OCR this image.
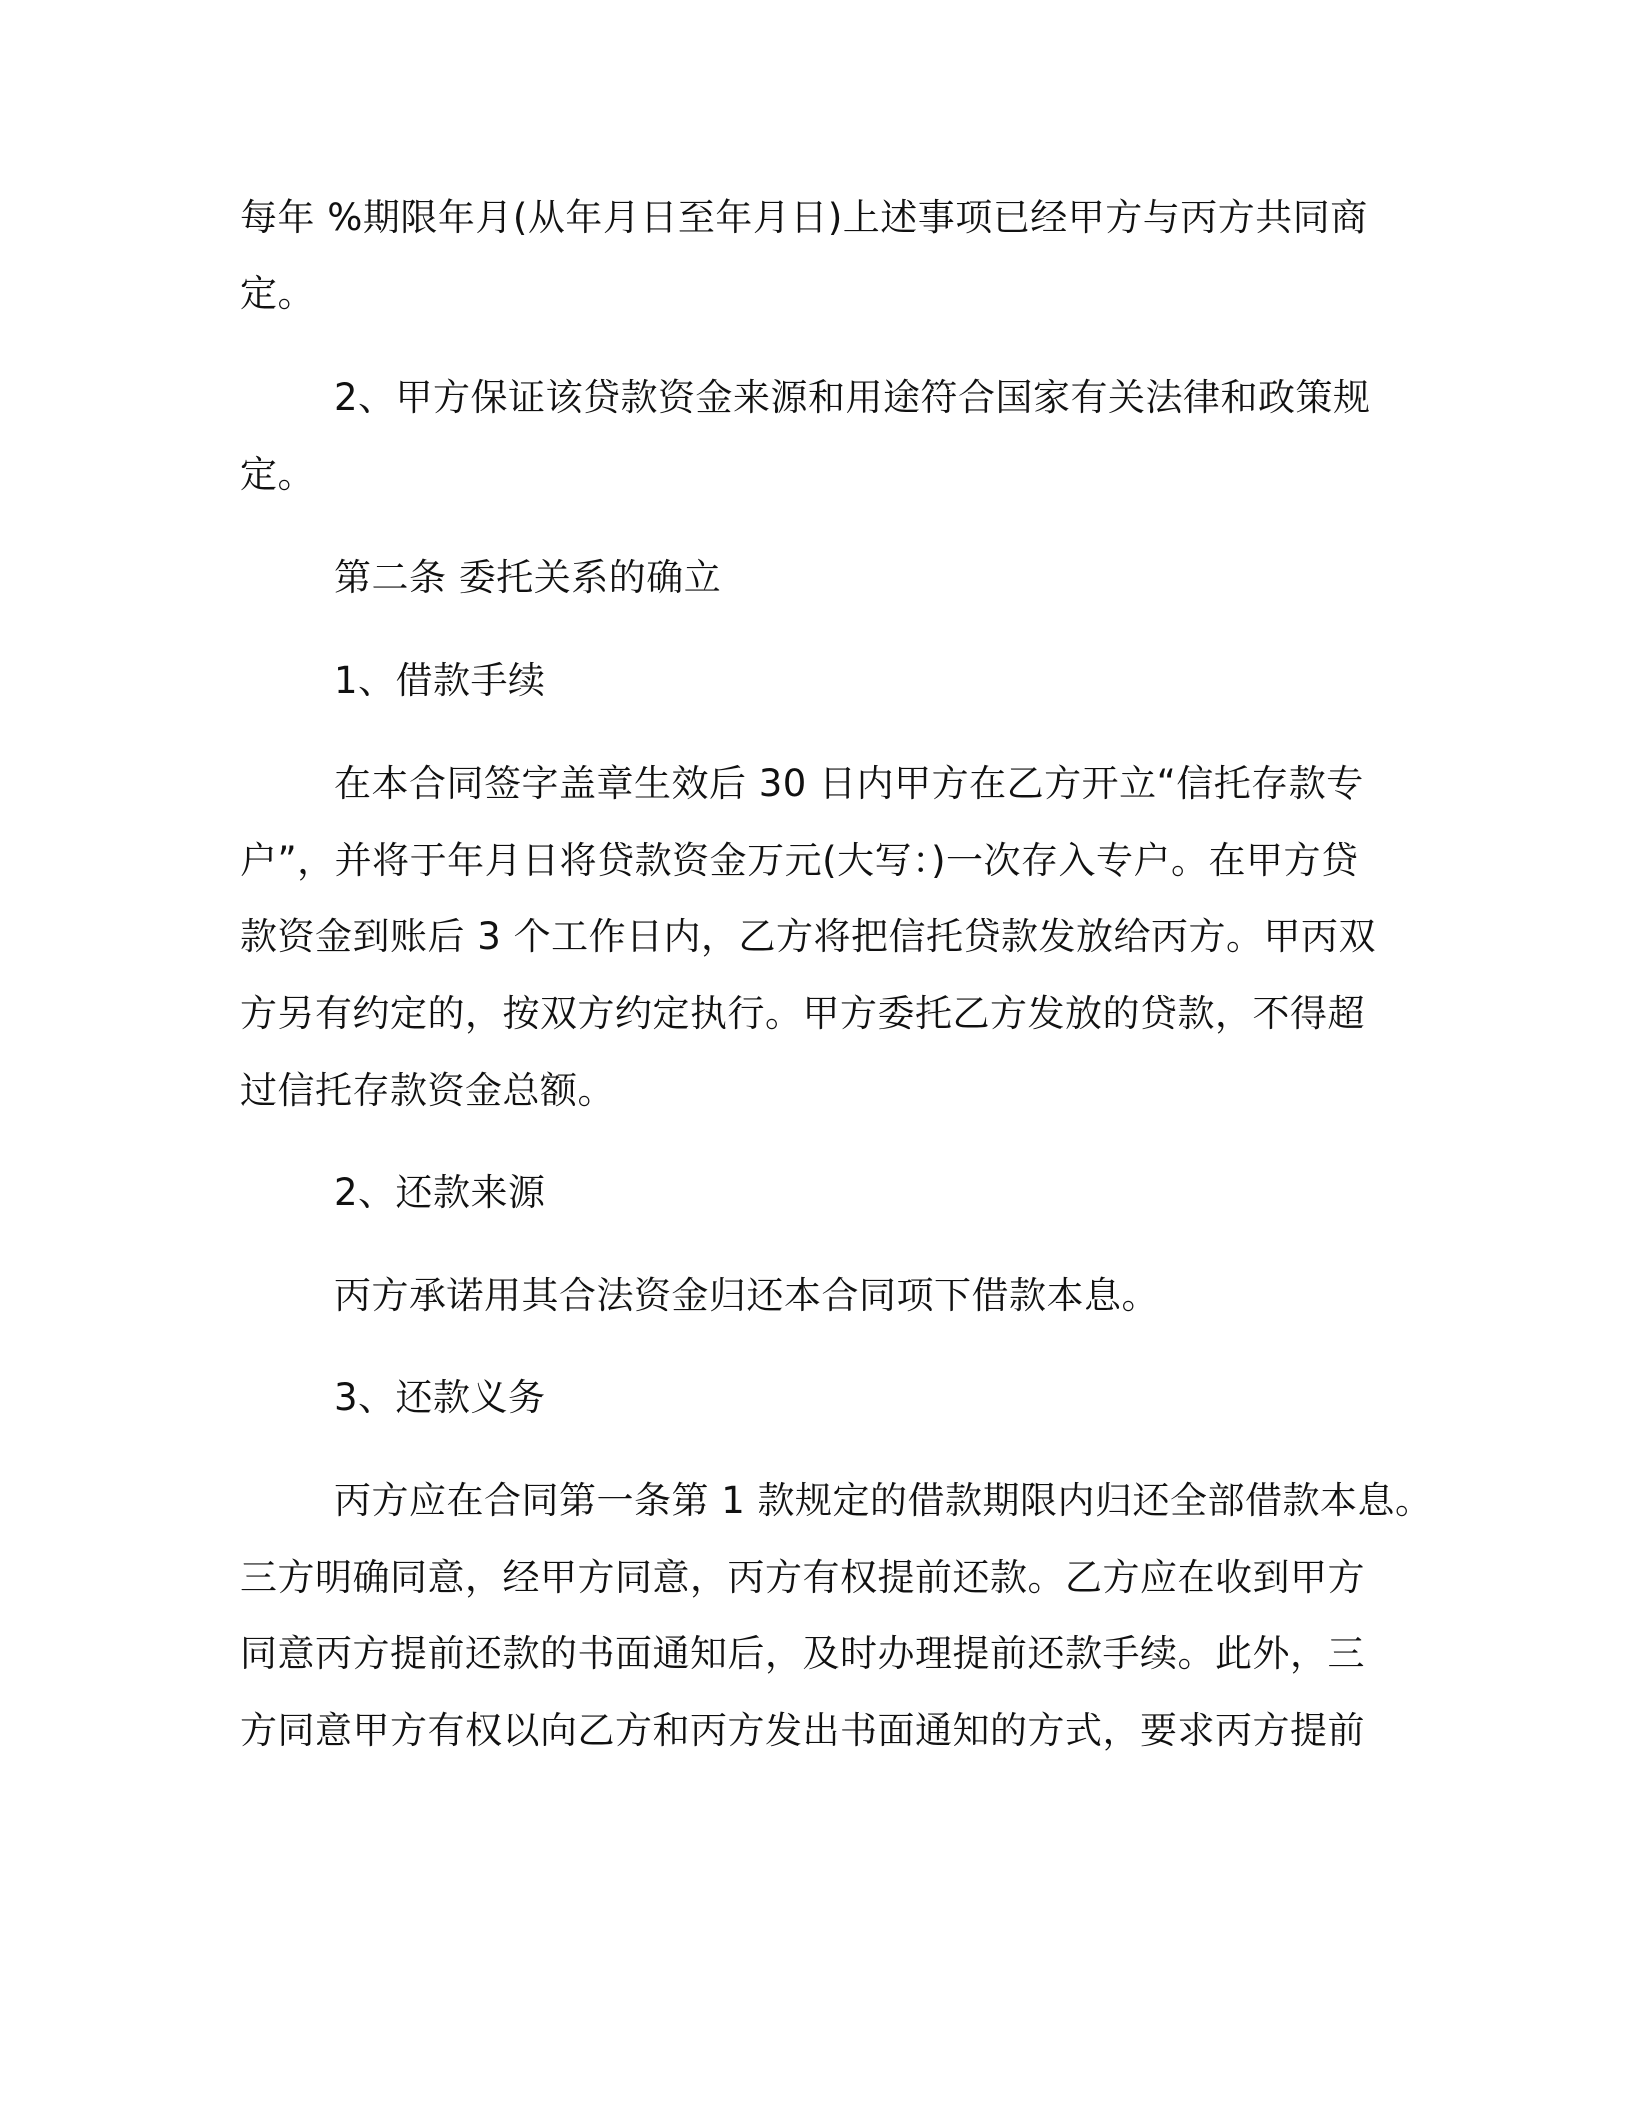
每年 %期限年月(从年月日至年月日)上述事项已经甲方与丙方共同商
定。
2、甲方保证该贷款资金来源和用途符合国家有关法律和政策规
定。
第二条 委托关系的确立
1、借款手续
在本合同签字盖章生效后 30 日内甲方在乙方开立“信托存款专
户”，并将于年月日将贷款资金万元(大写：)一次存入专户。在甲方贷
款资金到账后 3 个工作日内，乙方将把信托贷款发放给丙方。甲丙双
方另有约定的，按双方约定执行。甲方委托乙方发放的贷款，不得超
过信托存款资金总额。
2、还款来源
丙方承诺用其合法资金归还本合同项下借款本息。
3、还款义务
丙方应在合同第一条第 1 款规定的借款期限内归还全部借款本息。
三方明确同意，经甲方同意，丙方有权提前还款。乙方应在收到甲方
同意丙方提前还款的书面通知后，及时办理提前还款手续。此外，三
方同意甲方有权以向乙方和丙方发出书面通知的方式，要求丙方提前
